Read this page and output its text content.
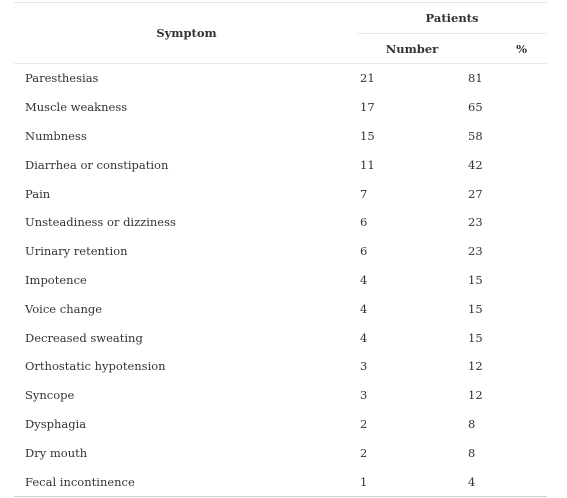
Symptom	Patients	
	Number	%
Paresthesias	21	81
Muscle weakness	17	65
Numbness	15	58
Diarrhea or constipation	11	42
Pain	7	27
Unsteadiness or dizziness	6	23
Urinary retention	6	23
Impotence	4	15
Voice change	4	15
Decreased sweating	4	15
Orthostatic hypotension	3	12
Syncope	3	12
Dysphagia	2	8
Dry mouth	2	8
Fecal incontinence	1	4
